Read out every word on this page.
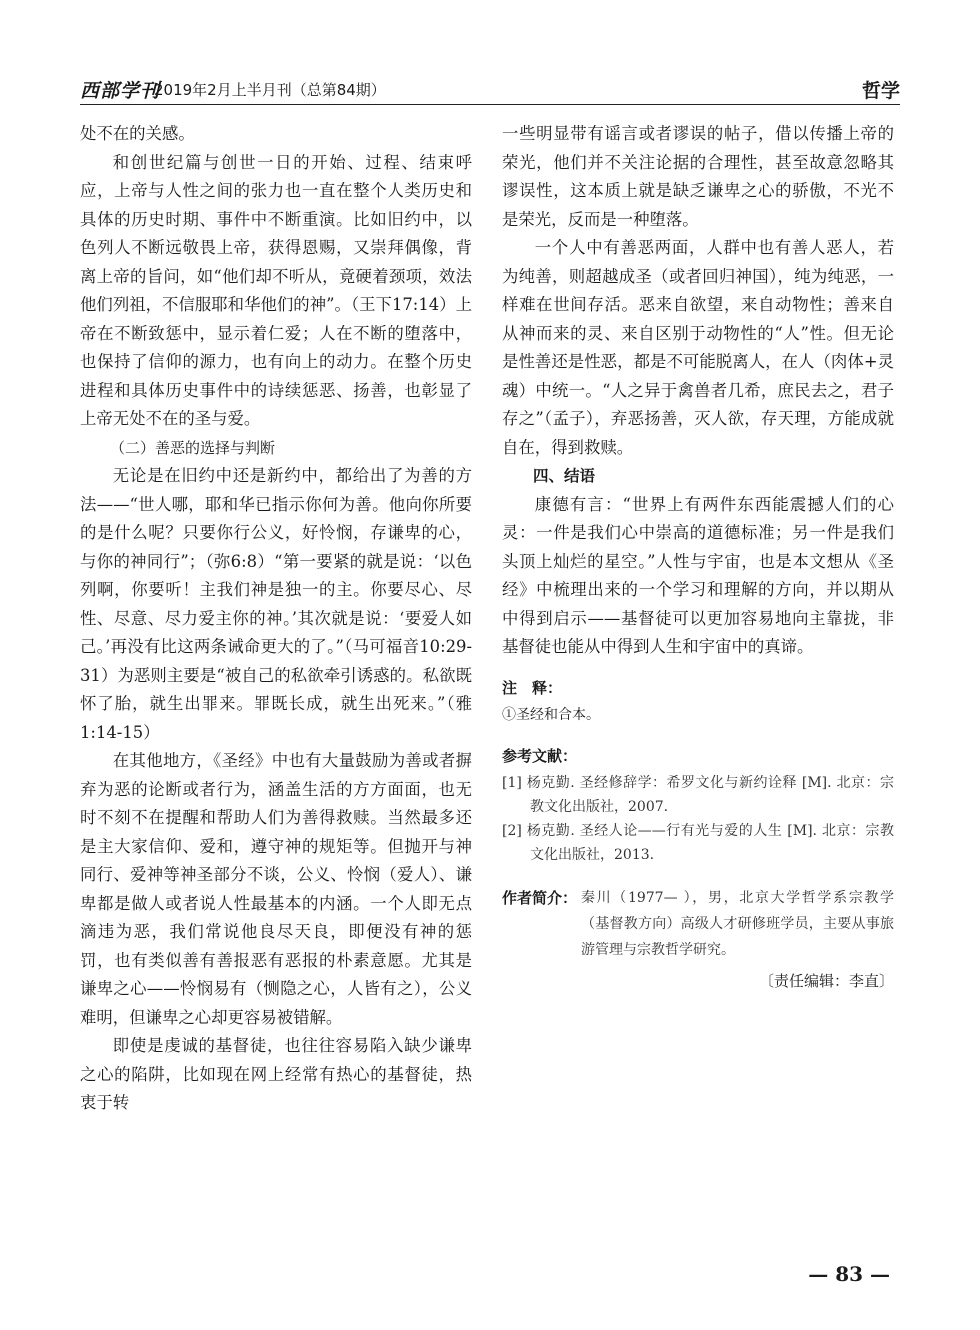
西部学刊
2019年2月上半月刊（总第84期）	哲学

处不在的关感。

和创世纪篇与创世一日的开始、过程、结束呼应，上帝与人性之间的张力也一直在整个人类历史和具体的历史时期、事件中不断重演。比如旧约中，以色列人不断远敬畏上帝，获得恩赐，又崇拜偶像，背离上帝的旨问，如“他们却不听从，竟硬着颈项，效法他们列祖，不信服耶和华他们的神”。（王下17:14）上帝在不断致惩中，显示着仁爱；人在不断的堕落中，也保持了信仰的源力，也有向上的动力。在整个历史进程和具体历史事件中的诗续惩恶、扬善，也彰显了上帝无处不在的圣与爱。

（二）善恶的选择与判断

无论是在旧约中还是新约中，都给出了为善的方法——“世人哪，耶和华已指示你何为善。他向你所要的是什么呢？只要你行公义，好怜悯，存谦卑的心，与你的神同行”；（弥6:8）“第一要紧的就是说：‘以色列啊，你要听！主我们神是独一的主。你要尽心、尽性、尽意、尽力爱主你的神。’其次就是说：‘要爱人如己。’再没有比这两条诫命更大的了。”（马可福音10:29-31）为恶则主要是“被自己的私欲牵引诱惑的。私欲既怀了胎，就生出罪来。罪既长成，就生出死来。”（雅1:14-15）

在其他地方，《圣经》中也有大量鼓励为善或者摒弃为恶的论断或者行为，涵盖生活的方方面面，也无时不刻不在提醒和帮助人们为善得救赎。当然最多还是主大家信仰、爱和，遵守神的规矩等。但抛开与神同行、爱神等神圣部分不谈，公义、怜悯（爱人）、谦卑都是做人或者说人性最基本的内涵。一个人即无点滴违为恶，我们常说他良尽天良，即便没有神的惩罚，也有类似善有善报恶有恶报的朴素意愿。尤其是谦卑之心——怜悯易有（恻隐之心，人皆有之），公义难明，但谦卑之心却更容易被错解。

即使是虔诚的基督徒，也往往容易陷入缺少谦卑之心的陷阱，比如现在网上经常有热心的基督徒，热衷于转

一些明显带有谣言或者谬误的帖子，借以传播上帝的荣光，他们并不关注论据的合理性，甚至故意忽略其谬误性，这本质上就是缺乏谦卑之心的骄傲，不光不是荣光，反而是一种堕落。

一个人中有善恶两面，人群中也有善人恶人，若为纯善，则超越成圣（或者回归神国），纯为纯恶，一样难在世间存活。恶来自欲望，来自动物性；善来自从神而来的灵、来自区别于动物性的“人”性。但无论是性善还是性恶，都是不可能脱离人，在人（肉体+灵魂）中统一。“人之异于禽兽者几希，庶民去之，君子存之”（孟子），弃恶扬善，灭人欲，存天理，方能成就自在，得到救赎。

四、结语

康德有言：“世界上有两件东西能震撼人们的心灵：一件是我们心中崇高的道德标准；另一件是我们头顶上灿烂的星空。”人性与宇宙，也是本文想从《圣经》中梳理出来的一个学习和理解的方向，并以期从中得到启示——基督徒可以更加容易地向主靠拢，非基督徒也能从中得到人生和宇宙中的真谛。

注　释：
①圣经和合本。
参考文献：
[1] 杨克勤. 圣经修辞学：希罗文化与新约诠释 [M]. 北京：宗教文化出版社，2007.
[2] 杨克勤. 圣经人论——行有光与爱的人生 [M]. 北京：宗教文化出版社，2013.
作者简介： 秦川（1977— ），男，北京大学哲学系宗教学（基督教方向）高级人才研修班学员，主要从事旅游管理与宗教哲学研究。
〔责任编辑：李直〕
— 83 —
